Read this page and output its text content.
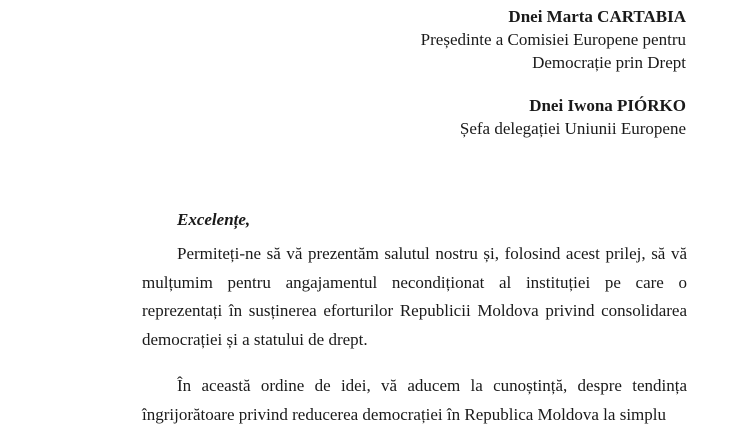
Dnei Marta CARTABIA
Președinte a Comisiei Europene pentru
Democrație prin Drept
Dnei Iwona PIÓRKO
Șefa delegației Uniunii Europene
Excelențe,
Permiteți-ne să vă prezentăm salutul nostru și, folosind acest prilej, să vă mulțumim pentru angajamentul necondiționat al instituției pe care o reprezentați în susținerea eforturilor Republicii Moldova privind consolidarea democrației și a statului de drept.
În această ordine de idei, vă aducem la cunoștință, despre tendința îngrijorătoare privind reducerea democrației în Republica Moldova la simplu
